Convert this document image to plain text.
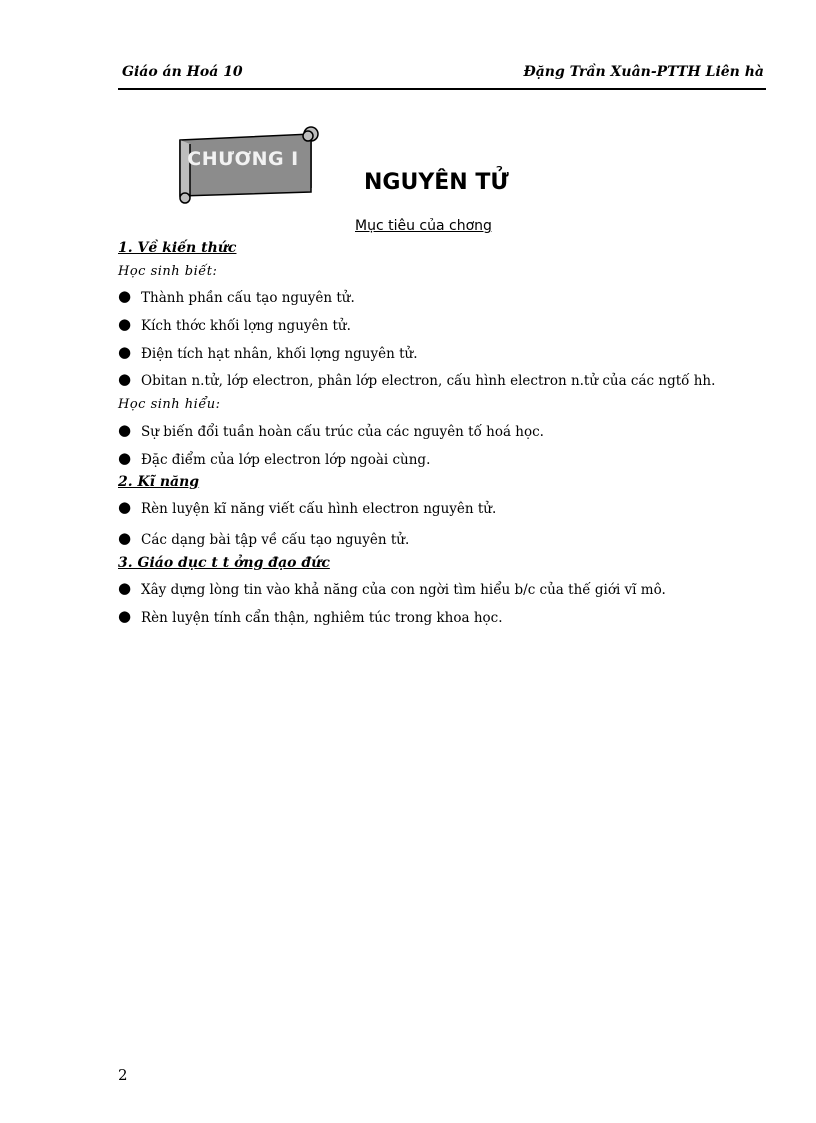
Giáo án Hoá 10	Đặng Trần Xuân-PTTH Liên hà
CHƯƠNG I
NGUYÊN TỬ
Mục tiêu của chơng
1. Về kiến thức
Học sinh biết:
● Thành phần cấu tạo nguyên tử.
● Kích thớc khối lợng nguyên tử.
● Điện tích hạt nhân, khối lợng nguyên tử.
● Obitan n.tử, lớp electron, phân lớp electron, cấu hình electron n.tử của các ngtố hh.
Học sinh hiểu:
● Sự biến đổi tuần hoàn cấu trúc của các nguyên tố hoá học.
● Đặc điểm của lớp electron lớp ngoài cùng.
2. Kĩ năng
● Rèn luyện kĩ năng viết cấu hình electron nguyên tử.
● Các dạng bài tập về cấu tạo nguyên tử.
3. Giáo dục t t ởng đạo đức
● Xây dựng lòng tin vào khả năng của con ngời tìm hiểu b/c của thế giới vĩ mô.
● Rèn luyện tính cẩn thận, nghiêm túc trong khoa học.
2
